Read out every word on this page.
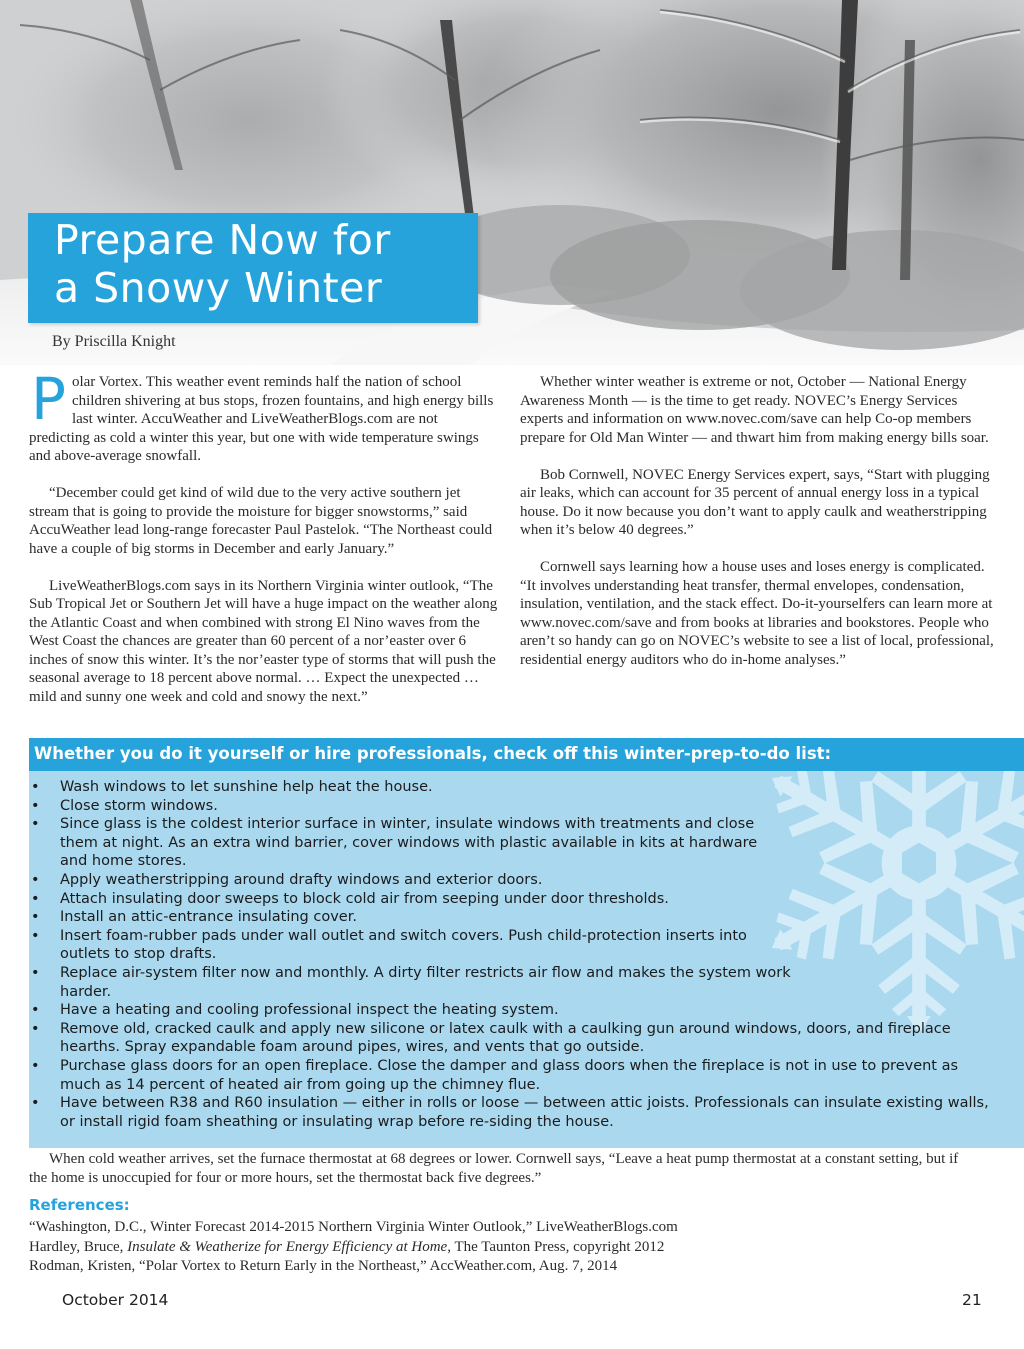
Prepare Now for
a Snowy Winter
By Priscilla Knight

Polar Vortex. This weather event reminds half the nation of school children shivering at bus stops, frozen fountains, and high energy bills last winter. AccuWeather and LiveWeatherBlogs.com are not predicting as cold a winter this year, but one with wide temperature swings and above-average snowfall.

“December could get kind of wild due to the very active southern jet stream that is going to provide the moisture for bigger snowstorms,” said AccuWeather lead long-range forecaster Paul Pastelok. “The Northeast could have a couple of big storms in December and early January.”

LiveWeatherBlogs.com says in its Northern Virginia winter outlook, “The Sub Tropical Jet or Southern Jet will have a huge impact on the weather along the Atlantic Coast and when combined with strong El Nino waves from the West Coast the chances are greater than 60 percent of a nor’easter over 6 inches of snow this winter. It’s the nor’easter type of storms that will push the seasonal average to 18 percent above normal. … Expect the unexpected … mild and sunny one week and cold and snowy the next.”

Whether winter weather is extreme or not, October — National Energy Awareness Month — is the time to get ready. NOVEC’s Energy Services experts and information on www.novec.com/save can help Co-op members prepare for Old Man Winter — and thwart him from making energy bills soar.

Bob Cornwell, NOVEC Energy Services expert, says, “Start with plugging air leaks, which can account for 35 percent of annual energy loss in a typical house. Do it now because you don’t want to apply caulk and weatherstripping when it’s below 40 degrees.”

Cornwell says learning how a house uses and loses energy is complicated. “It involves understanding heat transfer, thermal envelopes, condensation, insulation, ventilation, and the stack effect. Do-it-yourselfers can learn more at www.novec.com/save and from books at libraries and bookstores. People who aren’t so handy can go on NOVEC’s website to see a list of local, professional, residential energy auditors who do in-home analyses.”

Whether you do it yourself or hire professionals, check off this winter-prep-to-do list:
• Wash windows to let sunshine help heat the house.
• Close storm windows.
• Since glass is the coldest interior surface in winter, insulate windows with treatments and close them at night. As an extra wind barrier, cover windows with plastic available in kits at hardware and home stores.
• Apply weatherstripping around drafty windows and exterior doors.
• Attach insulating door sweeps to block cold air from seeping under door thresholds.
• Install an attic-entrance insulating cover.
• Insert foam-rubber pads under wall outlet and switch covers. Push child-protection inserts into outlets to stop drafts.
• Replace air-system filter now and monthly. A dirty filter restricts air flow and makes the system work harder.
• Have a heating and cooling professional inspect the heating system.
• Remove old, cracked caulk and apply new silicone or latex caulk with a caulking gun around windows, doors, and fireplace hearths. Spray expandable foam around pipes, wires, and vents that go outside.
• Purchase glass doors for an open fireplace. Close the damper and glass doors when the fireplace is not in use to prevent as much as 14 percent of heated air from going up the chimney flue.
• Have between R38 and R60 insulation — either in rolls or loose — between attic joists. Professionals can insulate existing walls, or install rigid foam sheathing or insulating wrap before re-siding the house.

When cold weather arrives, set the furnace thermostat at 68 degrees or lower. Cornwell says, “Leave a heat pump thermostat at a constant setting, but if the home is unoccupied for four or more hours, set the thermostat back five degrees.”

References:
“Washington, D.C., Winter Forecast 2014-2015 Northern Virginia Winter Outlook,” LiveWeatherBlogs.com
Hardley, Bruce, Insulate & Weatherize for Energy Efficiency at Home, The Taunton Press, copyright 2012
Rodman, Kristen, “Polar Vortex to Return Early in the Northeast,” AccWeather.com, Aug. 7, 2014
October 2014	21
